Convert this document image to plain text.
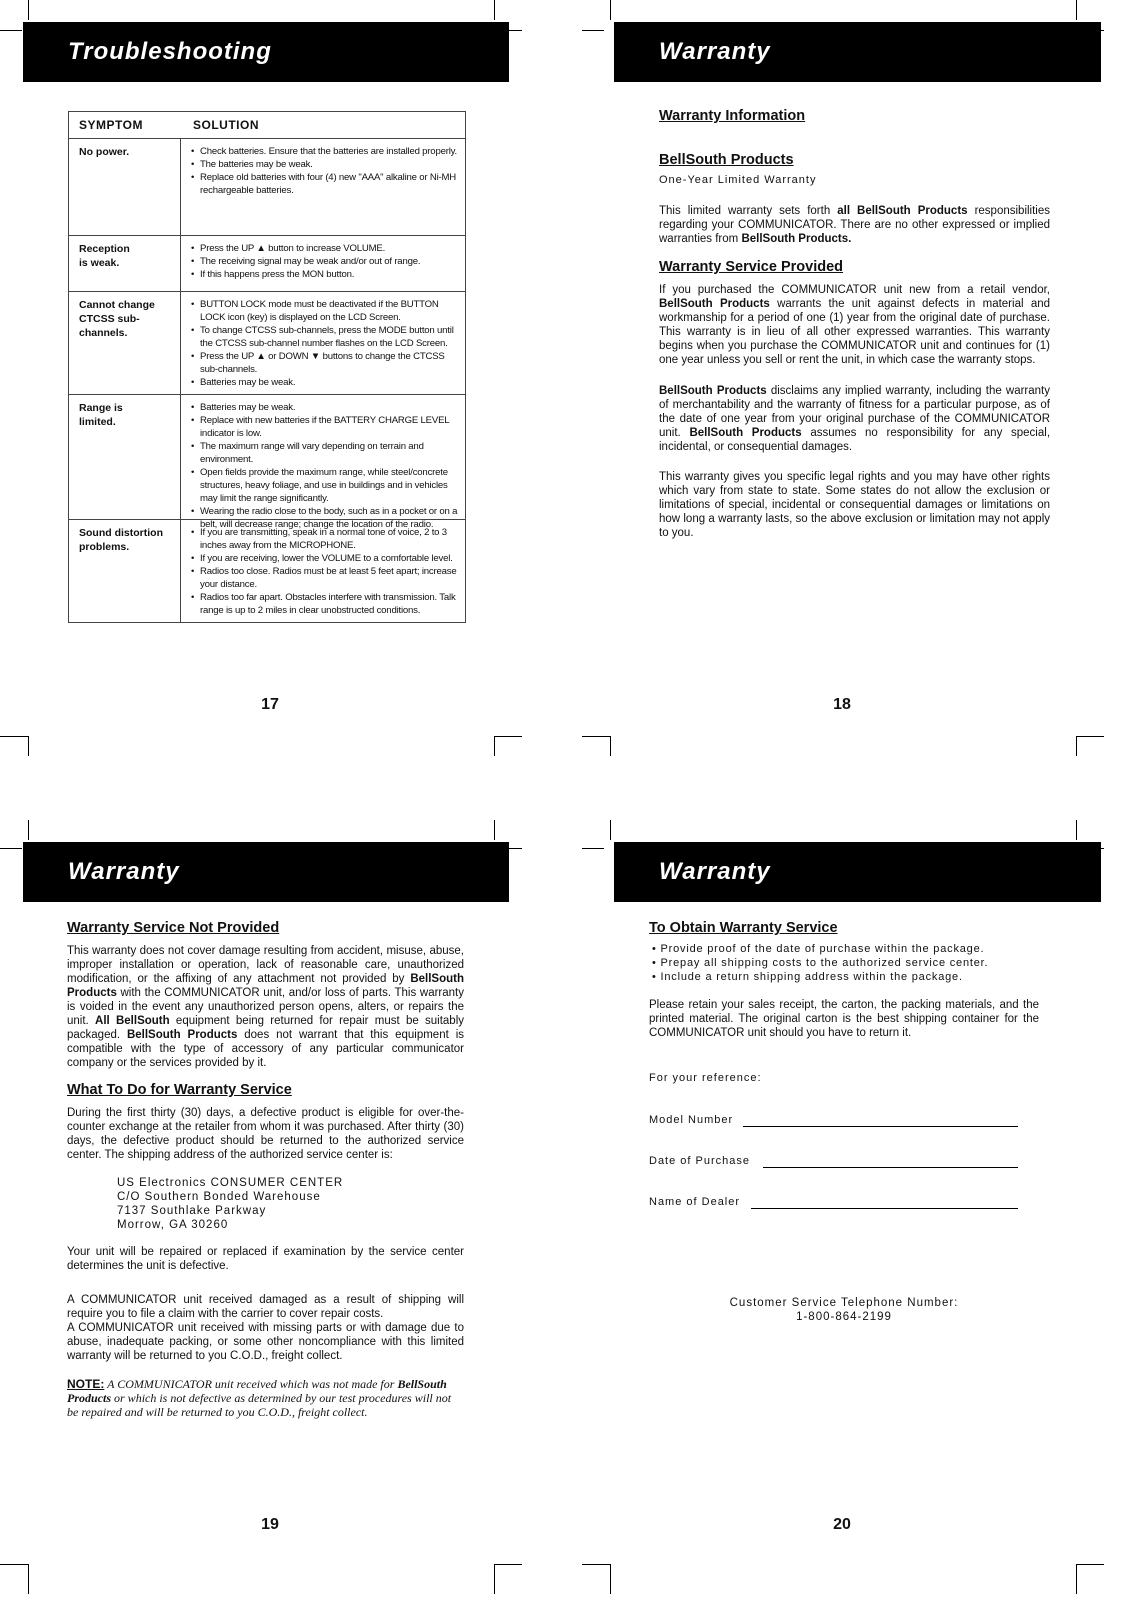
Troubleshooting
SYMPTOM	SOLUTION
No power.
•	Check batteries. Ensure that the batteries are installed properly.
• The batteries may be weak.
• Replace old batteries with four (4) new "AAA" alkaline or Ni-MH rechargeable batteries.
Reception
is weak.
• Press the UP ▲ button to increase VOLUME.
• The receiving signal may be weak and/or out of range.
• If this happens press the MON button.
Cannot change
CTCSS sub-
channels.
• BUTTON LOCK mode must be deactivated if the BUTTON LOCK icon (key) is displayed on the LCD Screen.
• To change CTCSS sub-channels, press the MODE button until the CTCSS sub-channel number flashes on the LCD Screen.
• Press the UP ▲ or DOWN ▼ buttons to change the CTCSS sub-channels.
• Batteries may be weak.
Range is
limited.
• Batteries may be weak.
• Replace with new batteries if the BATTERY CHARGE LEVEL indicator is low.
• The maximum range will vary depending on terrain and environment.
• Open fields provide the maximum range, while steel/concrete structures, heavy foliage, and use in buildings and in vehicles may limit the range significantly.
• Wearing the radio close to the body, such as in a pocket or on a belt, will decrease range; change the location of the radio.
Sound distortion
problems.
• If you are transmitting, speak in a normal tone of voice, 2 to 3 inches away from the MICROPHONE.
• If you are receiving, lower the VOLUME to a comfortable level.
• Radios too close. Radios must be at least 5 feet apart; increase your distance.
• Radios too far apart. Obstacles interfere with transmission. Talk range is up to 2 miles in clear unobstructed conditions.
17
Warranty
Warranty Information
BellSouth Products
One-Year Limited Warranty
This limited warranty sets forth all BellSouth Products responsibilities regarding your COMMUNICATOR. There are no other expressed or implied warranties from BellSouth Products.
Warranty Service Provided
If you purchased the COMMUNICATOR unit new from a retail vendor, BellSouth Products warrants the unit against defects in material and workmanship for a period of one (1) year from the original date of purchase. This warranty is in lieu of all other expressed warranties. This warranty begins when you purchase the COMMUNICATOR unit and continues for (1) one year unless you sell or rent the unit, in which case the warranty stops.
BellSouth Products disclaims any implied warranty, including the warranty of merchantability and the warranty of fitness for a particular purpose, as of the date of one year from your original purchase of the COMMUNICATOR unit. BellSouth Products assumes no responsibility for any special, incidental, or consequential damages.
This warranty gives you specific legal rights and you may have other rights which vary from state to state. Some states do not allow the exclusion or limitations of special, incidental or consequential damages or limitations on how long a warranty lasts, so the above exclusion or limitation may not apply to you.
18
Warranty
Warranty Service Not Provided
This warranty does not cover damage resulting from accident, misuse, abuse, improper installation or operation, lack of reasonable care, unauthorized modification, or the affixing of any attachment not provided by BellSouth Products with the COMMUNICATOR unit, and/or loss of parts. This warranty is voided in the event any unauthorized person opens, alters, or repairs the unit. All BellSouth equipment being returned for repair must be suitably packaged. BellSouth Products does not warrant that this equipment is compatible with the type of accessory of any particular communicator company or the services provided by it.
What To Do for Warranty Service
During the first thirty (30) days, a defective product is eligible for over-the-counter exchange at the retailer from whom it was purchased. After thirty (30) days, the defective product should be returned to the authorized service center. The shipping address of the authorized service center is:
US Electronics CONSUMER CENTER
C/O Southern Bonded Warehouse
7137 Southlake Parkway
Morrow, GA 30260
Your unit will be repaired or replaced if examination by the service center determines the unit is defective.
A COMMUNICATOR unit received damaged as a result of shipping will require you to file a claim with the carrier to cover repair costs.
A COMMUNICATOR unit received with missing parts or with damage due to abuse, inadequate packing, or some other noncompliance with this limited warranty will be returned to you C.O.D., freight collect.
NOTE: A COMMUNICATOR unit received which was not made for BellSouth Products or which is not defective as determined by our test procedures will not be repaired and will be returned to you C.O.D., freight collect.
19
Warranty
To Obtain Warranty Service
• Provide proof of the date of purchase within the package.
• Prepay all shipping costs to the authorized service center.
• Include a return shipping address within the package.
Please retain your sales receipt, the carton, the packing materials, and the printed material. The original carton is the best shipping container for the COMMUNICATOR unit should you have to return it.
For your reference:
Model Number
Date of Purchase
Name of Dealer
Customer Service Telephone Number:
1-800-864-2199
20
